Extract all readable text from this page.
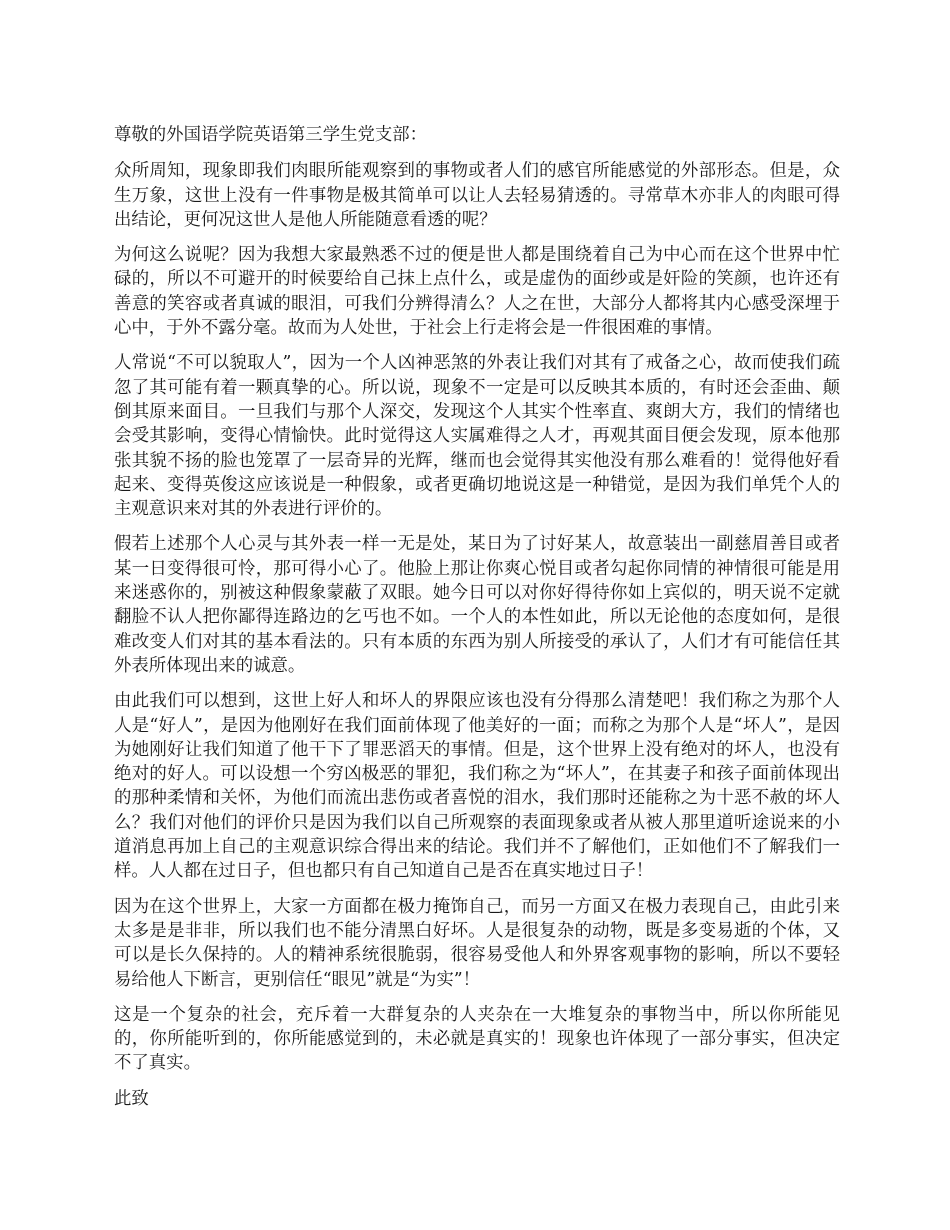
尊敬的外国语学院英语第三学生党支部：

众所周知，现象即我们肉眼所能观察到的事物或者人们的感官所能感觉的外部形态。但是，众生万象，这世上没有一件事物是极其简单可以让人去轻易猜透的。寻常草木亦非人的肉眼可得出结论，更何况这世人是他人所能随意看透的呢？

为何这么说呢？因为我想大家最熟悉不过的便是世人都是围绕着自己为中心而在这个世界中忙碌的，所以不可避开的时候要给自己抹上点什么，或是虚伪的面纱或是奸险的笑颜，也许还有善意的笑容或者真诚的眼泪，可我们分辨得清么？人之在世，大部分人都将其内心感受深埋于心中，于外不露分毫。故而为人处世，于社会上行走将会是一件很困难的事情。

人常说“不可以貌取人”，因为一个人凶神恶煞的外表让我们对其有了戒备之心，故而使我们疏忽了其可能有着一颗真挚的心。所以说，现象不一定是可以反映其本质的，有时还会歪曲、颠倒其原来面目。一旦我们与那个人深交，发现这个人其实个性率直、爽朗大方，我们的情绪也会受其影响，变得心情愉快。此时觉得这人实属难得之人才，再观其面目便会发现，原本他那张其貌不扬的脸也笼罩了一层奇异的光辉，继而也会觉得其实他没有那么难看的！觉得他好看起来、变得英俊这应该说是一种假象，或者更确切地说这是一种错觉，是因为我们单凭个人的主观意识来对其的外表进行评价的。

假若上述那个人心灵与其外表一样一无是处，某日为了讨好某人，故意装出一副慈眉善目或者某一日变得很可怜，那可得小心了。他脸上那让你爽心悦目或者勾起你同情的神情很可能是用来迷惑你的，别被这种假象蒙蔽了双眼。她今日可以对你好得待你如上宾似的，明天说不定就翻脸不认人把你鄙得连路边的乞丐也不如。一个人的本性如此，所以无论他的态度如何，是很难改变人们对其的基本看法的。只有本质的东西为别人所接受的承认了，人们才有可能信任其外表所体现出来的诚意。

由此我们可以想到，这世上好人和坏人的界限应该也没有分得那么清楚吧！我们称之为那个人人是“好人”，是因为他刚好在我们面前体现了他美好的一面；而称之为那个人是“坏人”，是因为她刚好让我们知道了他干下了罪恶滔天的事情。但是，这个世界上没有绝对的坏人，也没有绝对的好人。可以设想一个穷凶极恶的罪犯，我们称之为“坏人”，在其妻子和孩子面前体现出的那种柔情和关怀，为他们而流出悲伤或者喜悦的泪水，我们那时还能称之为十恶不赦的坏人么？我们对他们的评价只是因为我们以自己所观察的表面现象或者从被人那里道听途说来的小道消息再加上自己的主观意识综合得出来的结论。我们并不了解他们，正如他们不了解我们一样。人人都在过日子，但也都只有自己知道自己是否在真实地过日子！

因为在这个世界上，大家一方面都在极力掩饰自己，而另一方面又在极力表现自己，由此引来太多是是非非，所以我们也不能分清黑白好坏。人是很复杂的动物，既是多变易逝的个体，又可以是长久保持的。人的精神系统很脆弱，很容易受他人和外界客观事物的影响，所以不要轻易给他人下断言，更别信任“眼见”就是“为实”！

这是一个复杂的社会，充斥着一大群复杂的人夹杂在一大堆复杂的事物当中，所以你所能见的，你所能听到的，你所能感觉到的，未必就是真实的！现象也许体现了一部分事实，但决定不了真实。

此致
